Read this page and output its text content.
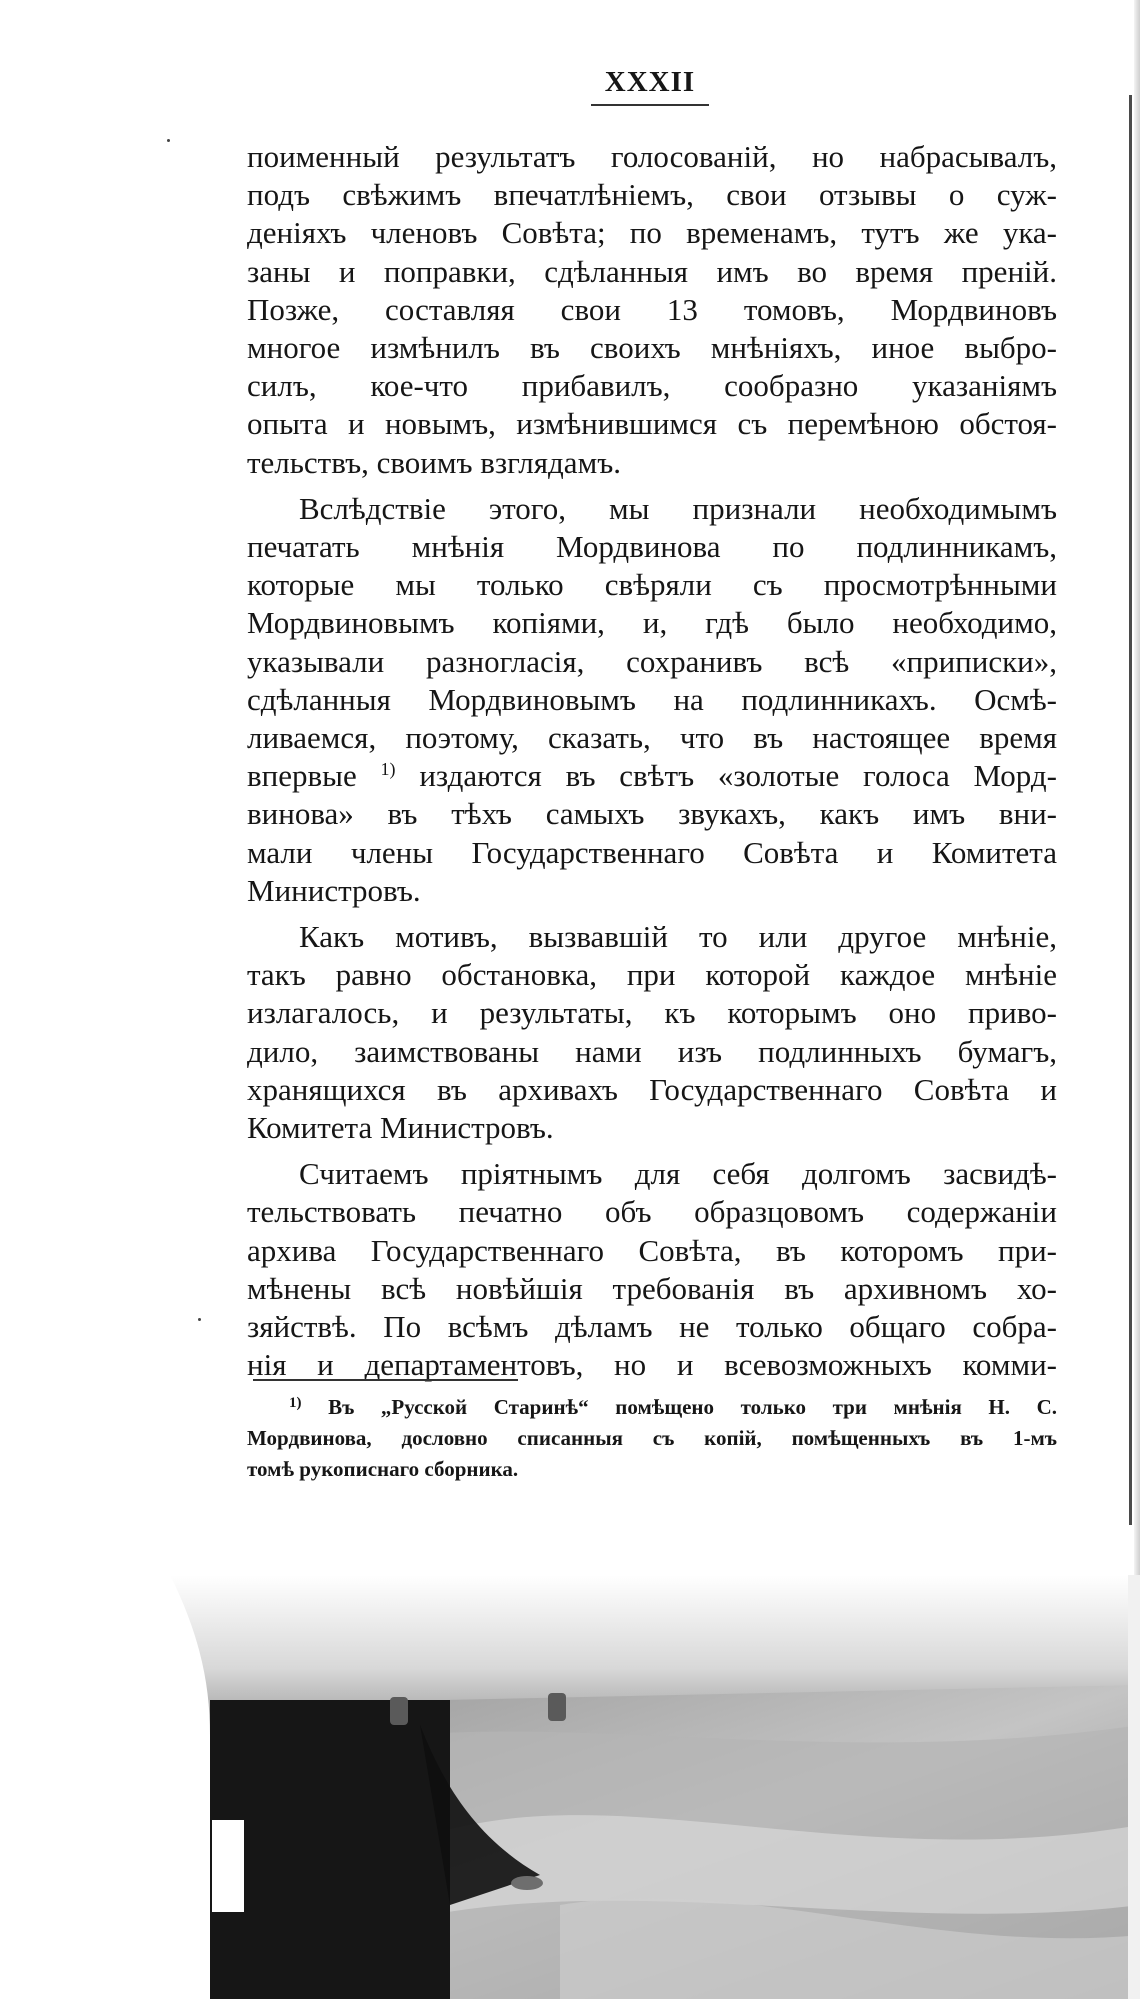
XXXII
поименный результатъ голосованій, но набрасывалъ,
подъ свѣжимъ впечатлѣніемъ, свои отзывы о суж-
деніяхъ членовъ Совѣта; по временамъ, тутъ же ука-
заны и поправки, сдѣланныя имъ во время преній.
Позже, составляя свои 13 томовъ, Мордвиновъ
многое измѣнилъ въ своихъ мнѣніяхъ, иное выбро-
силъ, кое-что прибавилъ, сообразно указаніямъ
опыта и новымъ, измѣнившимся съ перемѣною обстоя-
тельствъ, своимъ взглядамъ.
Вслѣдствіе этого, мы признали необходимымъ
печатать мнѣнія Мордвинова по подлинникамъ,
которые мы только свѣряли съ просмотрѣнными
Мордвиновымъ копіями, и, гдѣ было необходимо,
указывали разногласія, сохранивъ всѣ «приписки»,
сдѣланныя Мордвиновымъ на подлинникахъ. Осмѣ-
ливаемся, поэтому, сказать, что въ настоящее время
впервые $^{1)}$ издаются въ свѣтъ «золотые голоса Морд-
винова» въ тѣхъ самыхъ звукахъ, какъ имъ вни-
мали члены Государственнаго Совѣта и Комитета
Министровъ.
Какъ мотивъ, вызвавшій то или другое мнѣніе,
такъ равно обстановка, при которой каждое мнѣніе
излагалось, и результаты, къ которымъ оно приво-
дило, заимствованы нами изъ подлинныхъ бумагъ,
хранящихся въ архивахъ Государственнаго Совѣта и
Комитета Министровъ.
Считаемъ пріятнымъ для себя долгомъ засвидѣ-
тельствовать печатно объ образцовомъ содержаніи
архива Государственнаго Совѣта, въ которомъ при-
мѣнены всѣ новѣйшія требованія въ архивномъ хо-
зяйствѣ. По всѣмъ дѣламъ не только общаго собра-
нія и департаментовъ, но и всевозможныхъ комми-
$^{1)}$ Въ „Русской Старинѣ“ помѣщено только три мнѣнія Н. С.
Мордвинова, дословно списанныя съ копій, помѣщенныхъ въ 1-мъ
томѣ рукописнаго сборника.
